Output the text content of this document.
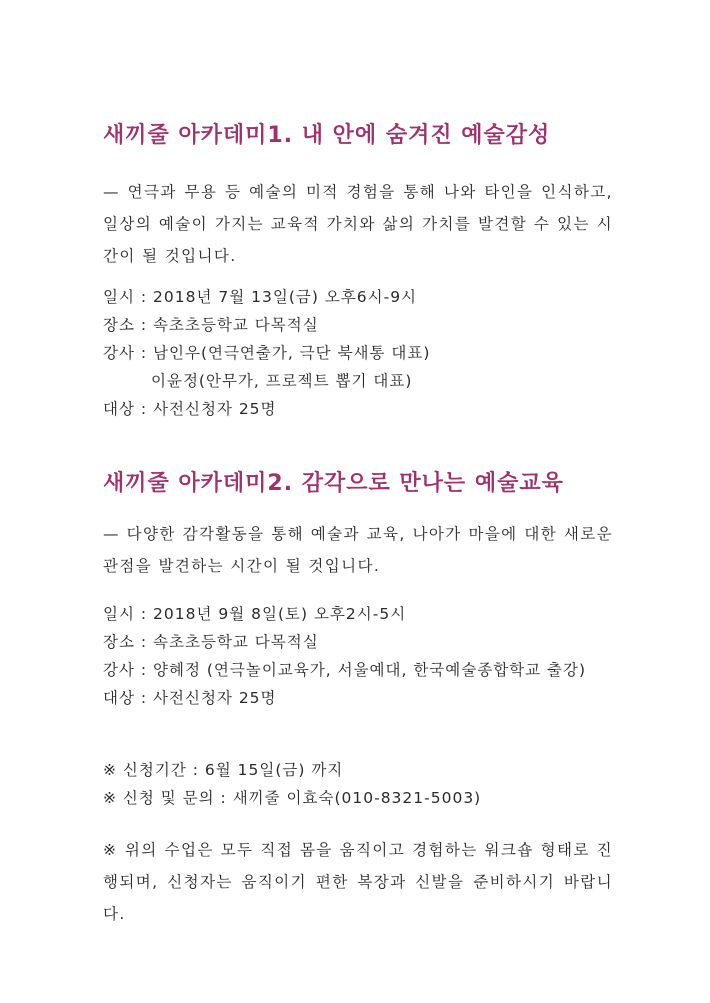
새끼줄 아카데미1. 내 안에 숨겨진 예술감성

— 연극과 무용 등 예술의 미적 경험을 통해 나와 타인을 인식하고, 일상의 예술이 가지는 교육적 가치와 삶의 가치를 발견할 수 있는 시간이 될 것입니다.

일시 : 2018년 7월 13일(금) 오후6시-9시
장소 : 속초초등학교 다목적실
강사 : 남인우(연극연출가, 극단 북새통 대표)
이윤정(안무가, 프로젝트 뽑기 대표)
대상 : 사전신청자 25명
새끼줄 아카데미2. 감각으로 만나는 예술교육

— 다양한 감각활동을 통해 예술과 교육, 나아가 마을에 대한 새로운 관점을 발견하는 시간이 될 것입니다.

일시 : 2018년 9월 8일(토) 오후2시-5시
장소 : 속초초등학교 다목적실
강사 : 양혜정 (연극놀이교육가, 서울예대, 한국예술종합학교 출강)
대상 : 사전신청자 25명
※ 신청기간 : 6월 15일(금) 까지
※ 신청 및 문의 : 새끼줄 이효숙(010-8321-5003)

※ 위의 수업은 모두 직접 몸을 움직이고 경험하는 워크숍 형태로 진행되며, 신청자는 움직이기 편한 복장과 신발을 준비하시기 바랍니다.
